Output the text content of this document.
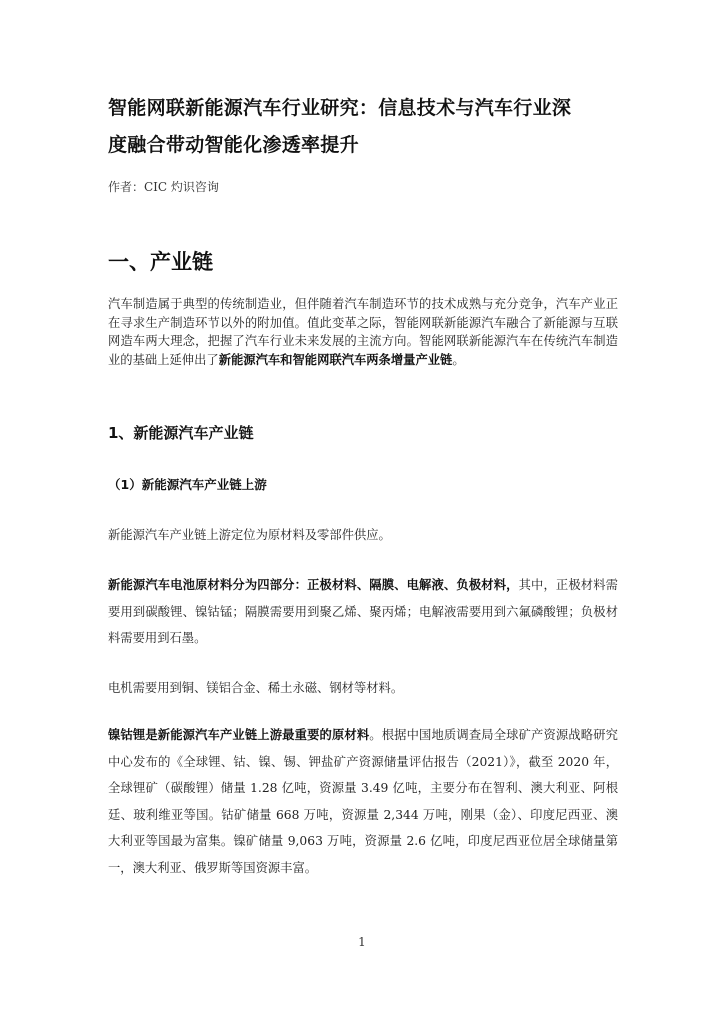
智能网联新能源汽车行业研究：信息技术与汽车行业深
度融合带动智能化渗透率提升
作者：CIC 灼识咨询
一、产业链

汽车制造属于典型的传统制造业，但伴随着汽车制造环节的技术成熟与充分竞争，汽车产业正在寻求生产制造环节以外的附加值。值此变革之际，智能网联新能源汽车融合了新能源与互联网造车两大理念，把握了汽车行业未来发展的主流方向。智能网联新能源汽车在传统汽车制造业的基础上延伸出了新能源汽车和智能网联汽车两条增量产业链。

1、新能源汽车产业链
（1）新能源汽车产业链上游

新能源汽车产业链上游定位为原材料及零部件供应。

新能源汽车电池原材料分为四部分：正极材料、隔膜、电解液、负极材料，其中，正极材料需要用到碳酸锂、镍钴锰；隔膜需要用到聚乙烯、聚丙烯；电解液需要用到六氟磷酸锂；负极材料需要用到石墨。

电机需要用到铜、镁铝合金、稀土永磁、钢材等材料。

镍钴锂是新能源汽车产业链上游最重要的原材料。根据中国地质调查局全球矿产资源战略研究中心发布的《全球锂、钴、镍、锡、钾盐矿产资源储量评估报告（2021）》，截至 2020 年，全球锂矿（碳酸锂）储量 1.28 亿吨，资源量 3.49 亿吨，主要分布在智利、澳大利亚、阿根廷、玻利维亚等国。钴矿储量 668 万吨，资源量 2,344 万吨，刚果（金）、印度尼西亚、澳大利亚等国最为富集。镍矿储量 9,063 万吨，资源量 2.6 亿吨，印度尼西亚位居全球储量第一，澳大利亚、俄罗斯等国资源丰富。

1
